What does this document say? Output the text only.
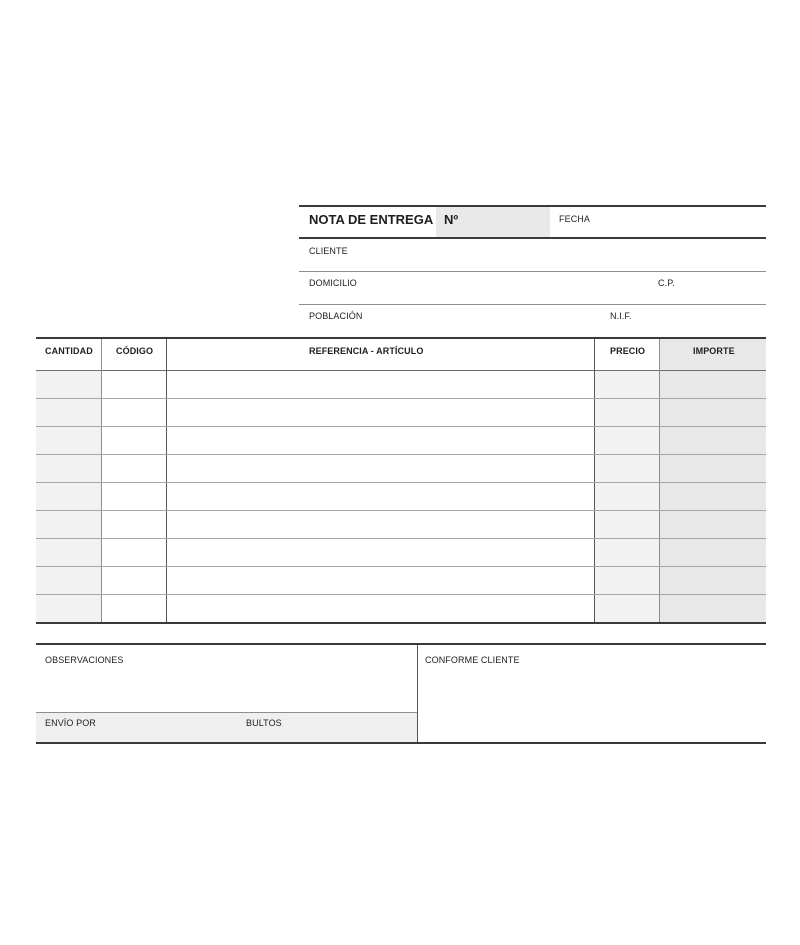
NOTA DE ENTREGA Nº	FECHA
CLIENTE
DOMICILIO	C.P.
POBLACIÓN	N.I.F.
CANTIDAD	CÓDIGO	REFERENCIA - ARTÍCULO	PRECIO	IMPORTE
OBSERVACIONES	CONFORME CLIENTE
ENVÍO POR	BULTOS
